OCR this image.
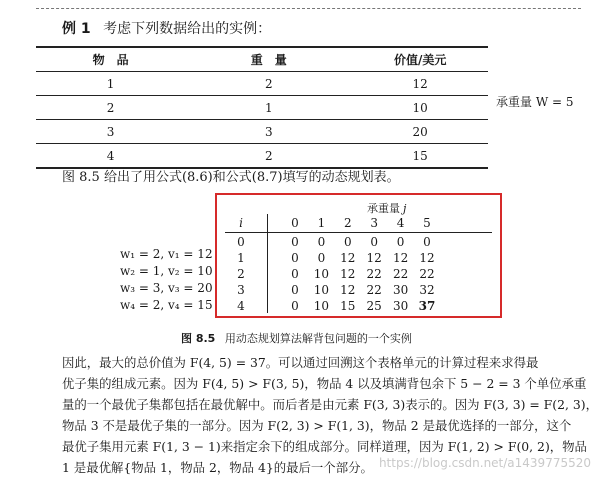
例 1 考虑下列数据给出的实例：
物　品	重　量	价值/美元
1	2	12
2	1	10
3	3	20
4	2	15
承重量 W = 5
图 8.5 给出了用公式(8.6)和公式(8.7)填写的动态规划表。
承重量 j
i	0	1	2	3	4	5
0	0	0	0	0	0	0
1	0	0	12 12 12 12
2	0	10 12 22 22 22
3	0	10 12 22 30 32
4	0	10 15 25 30 37
w₁ = 2, v₁ = 12
w₂ = 1, v₂ = 10
w₃ = 3, v₃ = 20
w₄ = 2, v₄ = 15
图 8.5 用动态规划算法解背包问题的一个实例
因此，最大的总价值为 F(4, 5) = 37。可以通过回溯这个表格单元的计算过程来求得最
优子集的组成元素。因为 F(4, 5) > F(3, 5)，物品 4 以及填满背包余下 5 − 2 = 3 个单位承重
量的一个最优子集都包括在最优解中。而后者是由元素 F(3, 3)表示的。因为 F(3, 3) = F(2, 3)，
物品 3 不是最优子集的一部分。因为 F(2, 3) > F(1, 3)，物品 2 是最优选择的一部分，这个
最优子集用元素 F(1, 3 − 1)来指定余下的组成部分。同样道理，因为 F(1, 2) > F(0, 2)，物品
1 是最优解{物品 1，物品 2，物品 4}的最后一个部分。 https://blog.csdn.net/a1439775520
